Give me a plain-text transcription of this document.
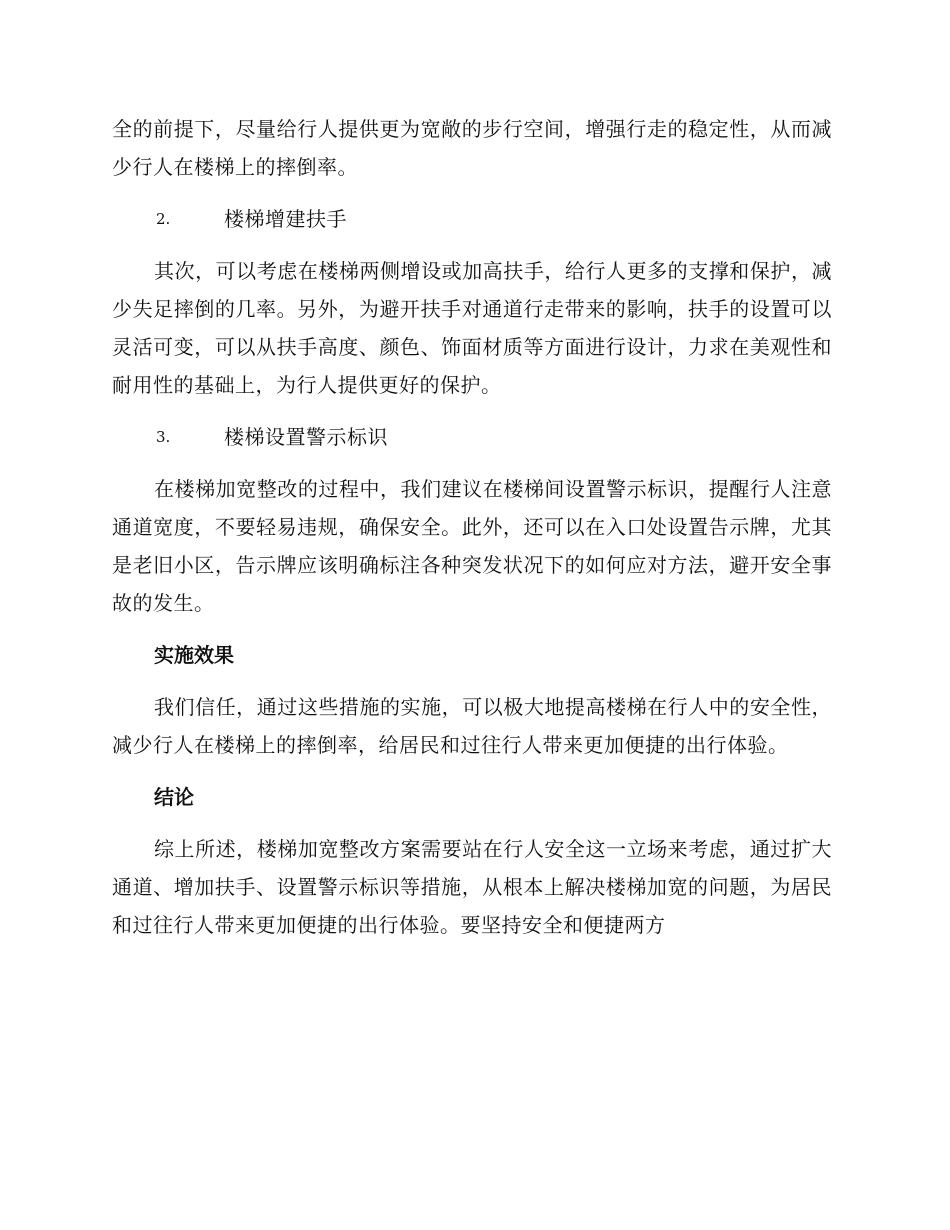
全的前提下，尽量给行人提供更为宽敞的步行空间，增强行走的稳定性，从而减少行人在楼梯上的摔倒率。

2.	楼梯增建扶手

其次，可以考虑在楼梯两侧增设或加高扶手，给行人更多的支撑和保护，减少失足摔倒的几率。另外，为避开扶手对通道行走带来的影响，扶手的设置可以灵活可变，可以从扶手高度、颜色、饰面材质等方面进行设计，力求在美观性和耐用性的基础上，为行人提供更好的保护。

3.	楼梯设置警示标识

在楼梯加宽整改的过程中，我们建议在楼梯间设置警示标识，提醒行人注意通道宽度，不要轻易违规，确保安全。此外，还可以在入口处设置告示牌，尤其是老旧小区，告示牌应该明确标注各种突发状况下的如何应对方法，避开安全事故的发生。

实施效果

我们信任，通过这些措施的实施，可以极大地提高楼梯在行人中的安全性，减少行人在楼梯上的摔倒率，给居民和过往行人带来更加便捷的出行体验。

结论

综上所述，楼梯加宽整改方案需要站在行人安全这一立场来考虑，通过扩大通道、增加扶手、设置警示标识等措施，从根本上解决楼梯加宽的问题，为居民和过往行人带来更加便捷的出行体验。要坚持安全和便捷两方
